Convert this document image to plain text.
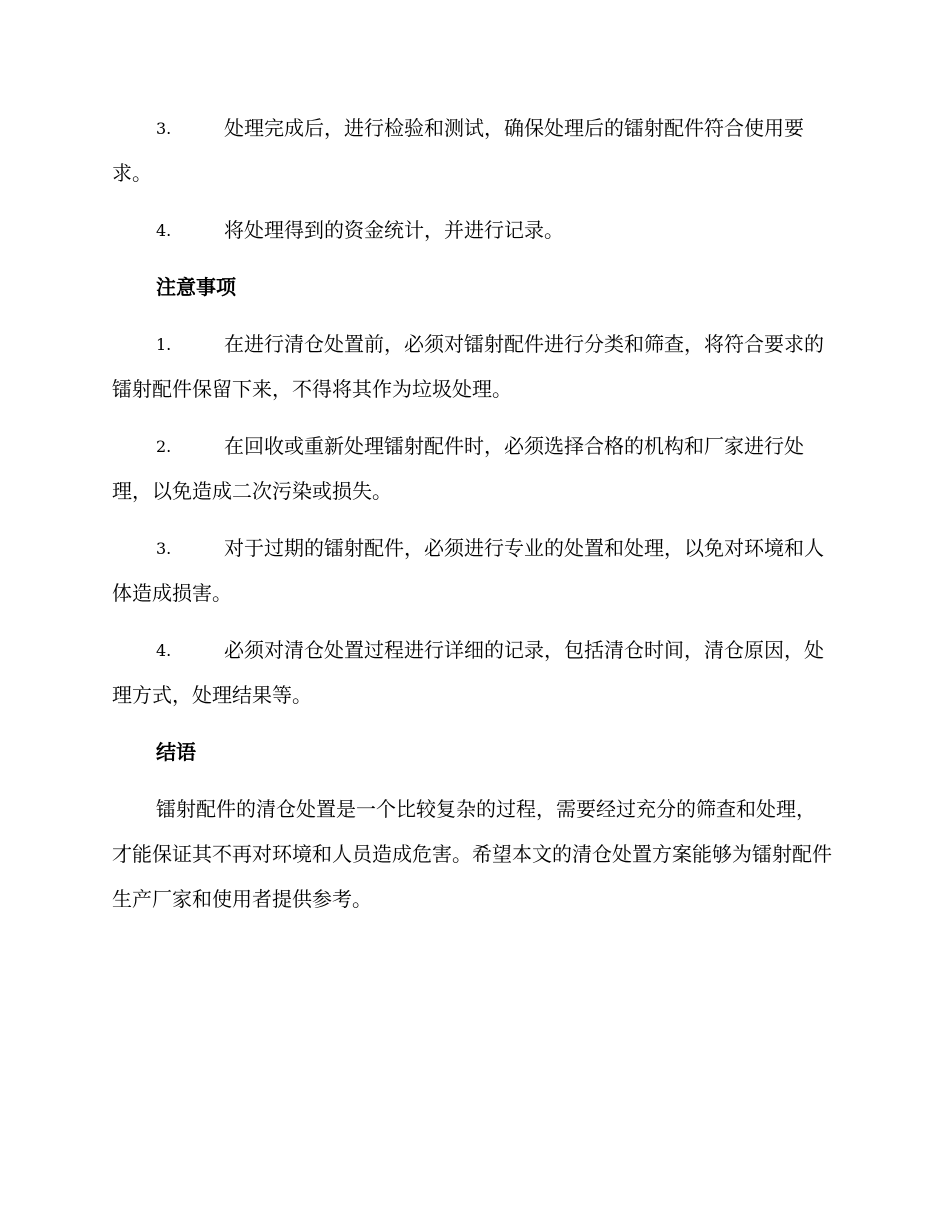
3.	处理完成后，进行检验和测试，确保处理后的镭射配件符合使用要求。
4.	将处理得到的资金统计，并进行记录。
注意事项
1.	在进行清仓处置前，必须对镭射配件进行分类和筛查，将符合要求的镭射配件保留下来，不得将其作为垃圾处理。
2.	在回收或重新处理镭射配件时，必须选择合格的机构和厂家进行处理，以免造成二次污染或损失。
3.	对于过期的镭射配件，必须进行专业的处置和处理，以免对环境和人体造成损害。
4.	必须对清仓处置过程进行详细的记录，包括清仓时间，清仓原因，处理方式，处理结果等。
结语

镭射配件的清仓处置是一个比较复杂的过程，需要经过充分的筛查和处理，才能保证其不再对环境和人员造成危害。希望本文的清仓处置方案能够为镭射配件生产厂家和使用者提供参考。
